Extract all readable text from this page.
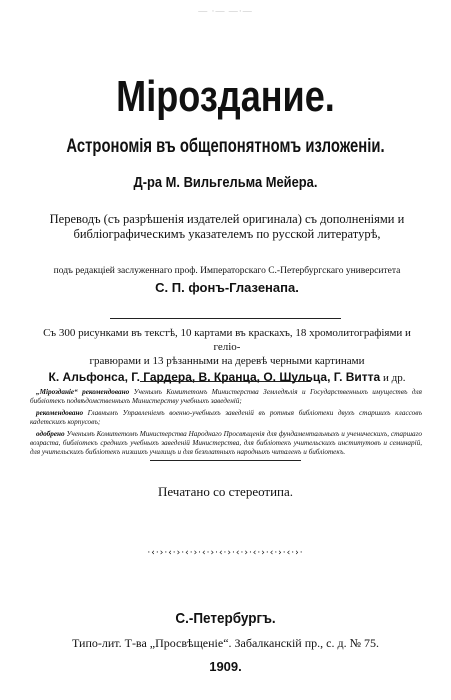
— ·— —·—
Міроздание.
Астрономія въ общепонятномъ изложеніи.
Д-ра М. Вильгельма Мейера.
Переводъ (съ разрѣшенія издателей оригинала) съ дополненіями и
библіографическимъ указателемъ по русской литературѣ,
подъ редакціей заслуженнаго проф. Императорскаго С.-Петербургскаго университета
С. П. фонъ-Глазенапа.
Съ 300 рисунками въ текстѣ, 10 картами въ краскахъ, 18 хромолитографіями и геліо-
гравюрами и 13 рѣзанными на деревѣ черными картинами
К. Альфонса, Г. Гардера, В. Кранца, О. Шульца, Г. Витта и др.

„Мірозданіе“ рекомендовано Ученымъ Комитетомъ Министерства Земледѣлія и Государственныхъ имуществъ для библіотекъ подвѣдомственныхъ Министерству учебныхъ заведеній;

рекомендовано Главнымъ Управленіемъ военно-учебныхъ заведеній въ ротныя библіотеки двухъ старшихъ классовъ кадетскихъ корпусовъ;

одобрено Ученымъ Комитетомъ Министерства Народнаго Просвѣщенія для фундаментальныхъ и ученическихъ, старшаго возраста, библіотекъ среднихъ учебныхъ заведеній Министерства, для библіотекъ учительскихъ институтовъ и семинарій, для учительскихъ библіотекъ низшихъ училищъ и для безплатныхъ народныхъ читаленъ и библіотекъ.

Печатано со стереотипа.
·‹·›·‹·›·‹·›·‹·›·‹·›·‹·›·‹·›·‹·›·‹·›·
С.-Петербургъ.
Типо-лит. Т-ва „Просвѣщеніе“. Забалканскій пр., с. д. № 75.
1909.
